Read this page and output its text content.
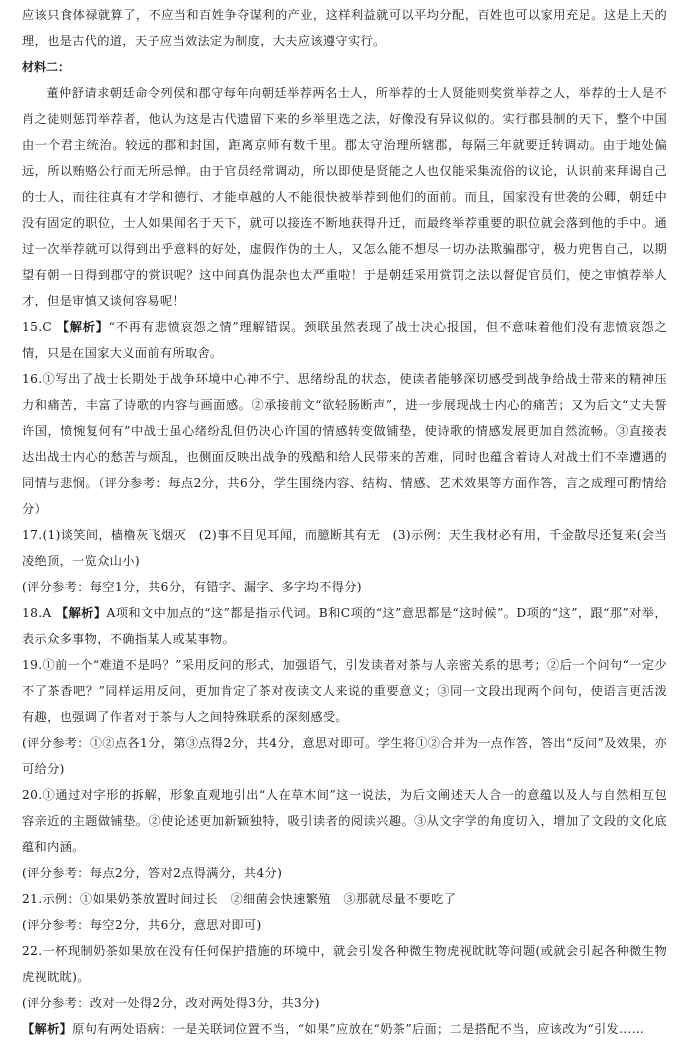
应该只食体禄就算了，不应当和百姓争夺谋利的产业，这样利益就可以平均分配，百姓也可以家用充足。这是上天的理，也是古代的道，天子应当效法定为制度，大夫应该遵守实行。

材料二：

董仲舒请求朝廷命令列侯和郡守每年向朝廷举荐两名士人，所举荐的士人贤能则奖赏举荐之人，举荐的士人是不肖之徒则惩罚举荐者，他认为这是古代遗留下来的乡举里选之法，好像没有异议似的。实行郡县制的天下，整个中国由一个君主统治。较远的郡和封国，距离京师有数千里。郡太守治理所辖郡，每隔三年就要迁转调动。由于地处偏远，所以贿赂公行而无所忌惮。由于官员经常调动，所以即使是贤能之人也仅能采集流俗的议论，认识前来拜谒自己的士人，而往往真有才学和德行、才能卓越的人不能很快被举荐到他们的面前。而且，国家没有世袭的公卿，朝廷中没有固定的职位，士人如果闻名于天下，就可以接连不断地获得升迁，而最终举荐重要的职位就会落到他的手中。通过一次举荐就可以得到出乎意料的好处，虚假作伪的士人，又怎么能不想尽一切办法欺骗郡守，极力兜售自己，以期望有朝一日得到郡守的赏识呢？这中间真伪混杂也太严重啦！于是朝廷采用赏罚之法以督促官员们，使之审慎荐举人才，但是审慎又谈何容易呢！

15.C 【解析】“不再有悲愤哀怨之情”理解错误。颈联虽然表现了战士决心报国，但不意味着他们没有悲愤哀怨之情，只是在国家大义面前有所取舍。

16.①写出了战士长期处于战争环境中心神不宁、思绪纷乱的状态，使读者能够深切感受到战争给战士带来的精神压力和痛苦，丰富了诗歌的内容与画面感。②承接前文“欲轻肠断声”，进一步展现战士内心的痛苦；又为后文“丈夫誓许国，愤惋复何有”中战士虽心绪纷乱但仍决心许国的情感转变做铺垫，使诗歌的情感发展更加自然流畅。③直接表达出战士内心的愁苦与烦乱，也侧面反映出战争的残酷和给人民带来的苦难，同时也蕴含着诗人对战士们不幸遭遇的同情与悲悯。（评分参考：每点2分，共6分，学生围绕内容、结构、情感、艺术效果等方面作答，言之成理可酌情给分）

17.(1)谈笑间，樯橹灰飞烟灭　(2)事不目见耳闻，而臆断其有无　(3)示例：天生我材必有用，千金散尽还复来(会当凌绝顶，一览众山小)

(评分参考：每空1分，共6分，有错字、漏字、多字均不得分)

18.A 【解析】A项和文中加点的“这”都是指示代词。B和C项的“这”意思都是“这时候”。D项的“这”，跟“那”对举，表示众多事物，不确指某人或某事物。

19.①前一个“难道不是吗？”采用反问的形式，加强语气，引发读者对茶与人亲密关系的思考；②后一个问句“一定少不了茶香吧？”同样运用反问，更加肯定了茶对夜读文人来说的重要意义；③同一文段出现两个问句，使语言更活泼有趣，也强调了作者对于茶与人之间特殊联系的深刻感受。

(评分参考：①②点各1分，第③点得2分，共4分，意思对即可。学生将①②合并为一点作答，答出“反问”及效果，亦可给分)

20.①通过对字形的拆解，形象直观地引出“人在草木间”这一说法，为后文阐述天人合一的意蕴以及人与自然相互包容亲近的主题做铺垫。②使论述更加新颖独特，吸引读者的阅读兴趣。③从文字学的角度切入，增加了文段的文化底蕴和内涵。

(评分参考：每点2分，答对2点得满分，共4分)

21.示例：①如果奶茶放置时间过长　②细菌会快速繁殖　③那就尽量不要吃了

(评分参考：每空2分，共6分，意思对即可)

22.一杯现制奶茶如果放在没有任何保护措施的环境中，就会引发各种微生物虎视眈眈等问题(或就会引起各种微生物虎视眈眈)。

(评分参考：改对一处得2分，改对两处得3分，共3分)

【解析】原句有两处语病：一是关联词位置不当，“如果”应放在“奶茶”后面；二是搭配不当，应该改为“引发……
